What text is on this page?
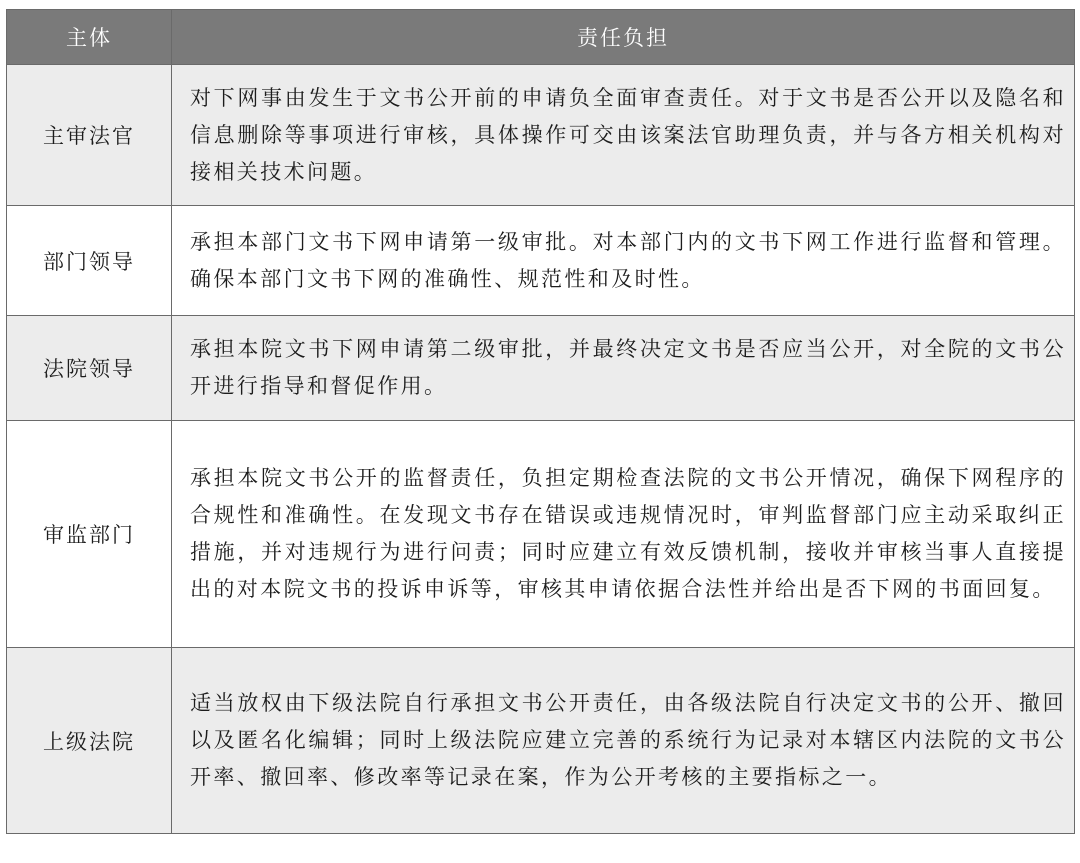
主体	责任负担
主审法官	对下网事由发生于文书公开前的申请负全面审查责任。对于文书是否公开以及隐名和信息删除等事项进行审核，具体操作可交由该案法官助理负责，并与各方相关机构对接相关技术问题。
部门领导	承担本部门文书下网申请第一级审批。对本部门内的文书下网工作进行监督和管理。确保本部门文书下网的准确性、规范性和及时性。
法院领导	承担本院文书下网申请第二级审批，并最终决定文书是否应当公开，对全院的文书公开进行指导和督促作用。
审监部门	承担本院文书公开的监督责任，负担定期检查法院的文书公开情况，确保下网程序的合规性和准确性。在发现文书存在错误或违规情况时，审判监督部门应主动采取纠正措施，并对违规行为进行问责；同时应建立有效反馈机制，接收并审核当事人直接提出的对本院文书的投诉申诉等，审核其申请依据合法性并给出是否下网的书面回复。
上级法院	适当放权由下级法院自行承担文书公开责任，由各级法院自行决定文书的公开、撤回以及匿名化编辑；同时上级法院应建立完善的系统行为记录对本辖区内法院的文书公开率、撤回率、修改率等记录在案，作为公开考核的主要指标之一。
